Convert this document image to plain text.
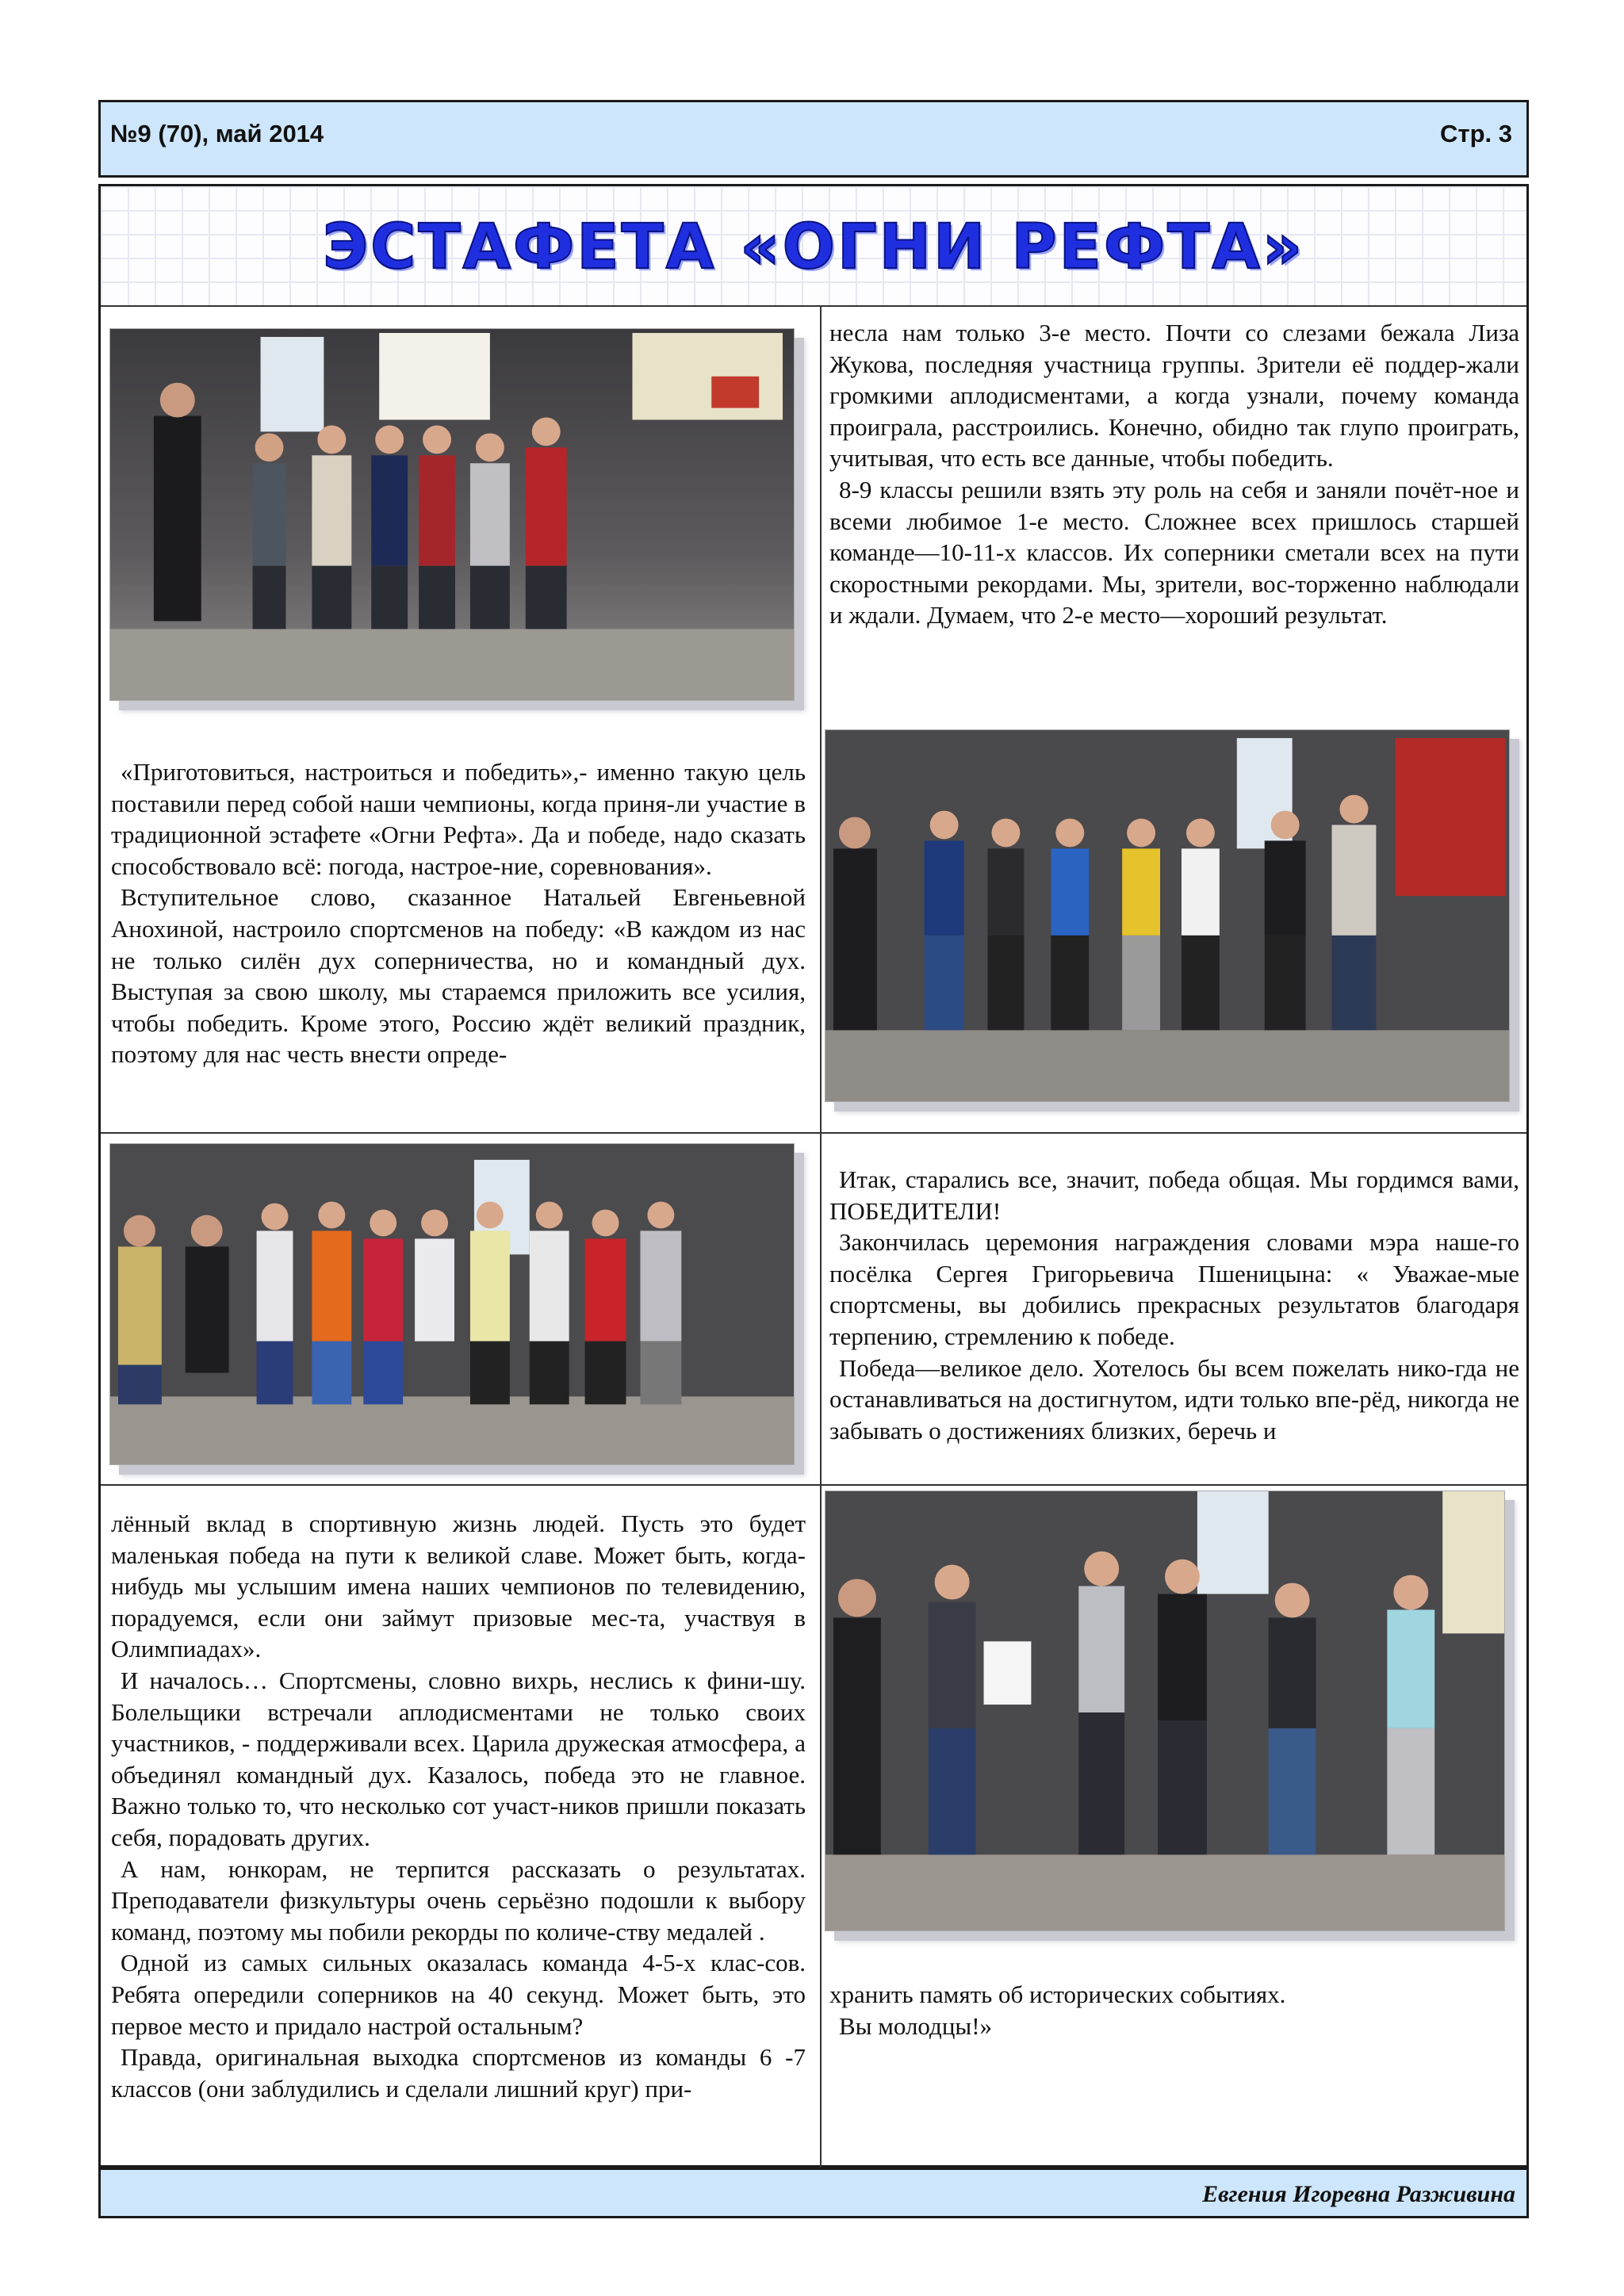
№9 (70), май 2014	Стр. 3
ЭСТАФЕТА «ОГНИ РЕФТА»

несла нам только 3-е место. Почти со слезами бежала Лиза Жукова, последняя участница группы. Зрители её поддер-жали громкими аплодисментами, а когда узнали, почему команда проиграла, расстроились. Конечно, обидно так глупо проиграть, учитывая, что есть все данные, чтобы победить.

8-9 классы решили взять эту роль на себя и заняли почёт-ное и всеми любимое 1-е место. Сложнее всех пришлось старшей команде—10-11-х классов. Их соперники сметали всех на пути скоростными рекордами. Мы, зрители, вос-торженно наблюдали и ждали. Думаем, что 2-е место—хороший результат.

«Приготовиться, настроиться и победить»,- именно такую цель поставили перед собой наши чемпионы, когда приня-ли участие в традиционной эстафете «Огни Рефта». Да и победе, надо сказать способствовало всё: погода, настрое-ние, соревнования».

Вступительное слово, сказанное Натальей Евгеньевной Анохиной, настроило спортсменов на победу: «В каждом из нас не только силён дух соперничества, но и командный дух. Выступая за свою школу, мы стараемся приложить все усилия, чтобы победить. Кроме этого, Россию ждёт великий праздник, поэтому для нас честь внести опреде-

Итак, старались все, значит, победа общая. Мы гордимся вами, ПОБЕДИТЕЛИ!

Закончилась церемония награждения словами мэра наше-го посёлка Сергея Григорьевича Пшеницына: « Уважае-мые спортсмены, вы добились прекрасных результатов благодаря терпению, стремлению к победе.

Победа—великое дело. Хотелось бы всем пожелать нико-гда не останавливаться на достигнутом, идти только впе-рёд, никогда не забывать о достижениях близких, беречь и

лённый вклад в спортивную жизнь людей. Пусть это будет маленькая победа на пути к великой славе. Может быть, когда-нибудь мы услышим имена наших чемпионов по телевидению, порадуемся, если они займут призовые мес-та, участвуя в Олимпиадах».

И началось… Спортсмены, словно вихрь, неслись к фини-шу. Болельщики встречали аплодисментами не только своих участников, - поддерживали всех. Царила дружеская атмосфера, а объединял командный дух. Казалось, победа это не главное. Важно только то, что несколько сот участ-ников пришли показать себя, порадовать других.

А нам, юнкорам, не терпится рассказать о результатах. Преподаватели физкультуры очень серьёзно подошли к выбору команд, поэтому мы побили рекорды по количе-ству медалей .

Одной из самых сильных оказалась команда 4-5-х клас-сов. Ребята опередили соперников на 40 секунд. Может быть, это первое место и придало настрой остальным?

Правда, оригинальная выходка спортсменов из команды 6 -7 классов (они заблудились и сделали лишний круг) при-

хранить память об исторических событиях.

Вы молодцы!»

Евгения Игоревна Разживина
